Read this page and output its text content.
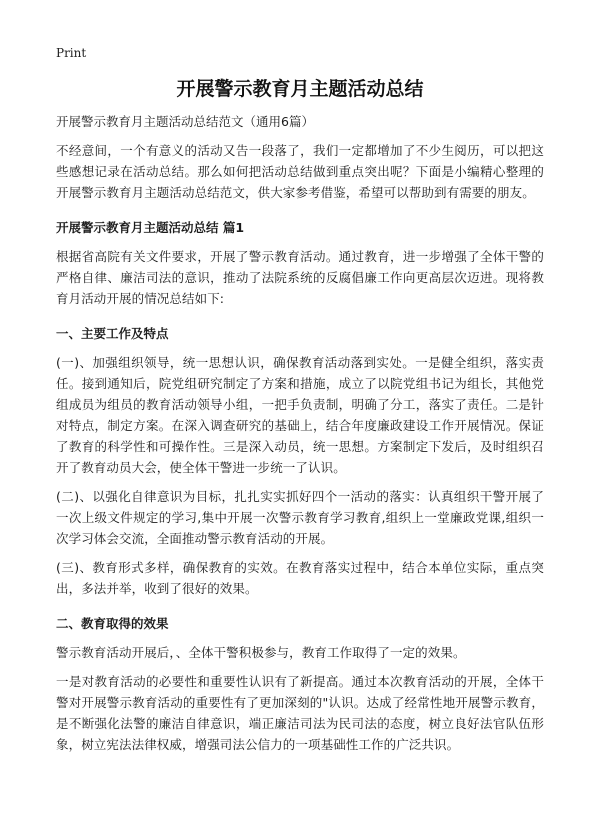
Print
开展警示教育月主题活动总结
开展警示教育月主题活动总结范文（通用6篇）

不经意间，一个有意义的活动又告一段落了，我们一定都增加了不少生阅历，可以把这些感想记录在活动总结。那么如何把活动总结做到重点突出呢？下面是小编精心整理的开展警示教育月主题活动总结范文，供大家参考借鉴，希望可以帮助到有需要的朋友。

开展警示教育月主题活动总结 篇1

根据省高院有关文件要求，开展了警示教育活动。通过教育，进一步增强了全体干警的严格自律、廉洁司法的意识，推动了法院系统的反腐倡廉工作向更高层次迈进。现将教育月活动开展的情况总结如下:

一、主要工作及特点

(一)、加强组织领导，统一思想认识，确保教育活动落到实处。一是健全组织，落实责任。接到通知后，院党组研究制定了方案和措施，成立了以院党组书记为组长，其他党组成员为组员的教育活动领导小组，一把手负责制，明确了分工，落实了责任。二是针对特点，制定方案。在深入调查研究的基础上，结合年度廉政建设工作开展情况。保证了教育的科学性和可操作性。三是深入动员，统一思想。方案制定下发后，及时组织召开了教育动员大会，使全体干警进一步统一了认识。

(二)、以强化自律意识为目标，扎扎实实抓好四个一活动的落实：认真组织干警开展了一次上级文件规定的学习,集中开展一次警示教育学习教育,组织上一堂廉政党课,组织一次学习体会交流，全面推动警示教育活动的开展。

(三)、教育形式多样，确保教育的实效。在教育落实过程中，结合本单位实际，重点突出，多法并举，收到了很好的效果。

二、教育取得的效果

警示教育活动开展后，、全体干警积极参与，教育工作取得了一定的效果。

一是对教育活动的必要性和重要性认识有了新提高。通过本次教育活动的开展，全体干警对开展警示教育活动的重要性有了更加深刻的"认识。达成了经常性地开展警示教育，是不断强化法警的廉洁自律意识，端正廉洁司法为民司法的态度，树立良好法官队伍形象，树立宪法法律权威，增强司法公信力的一项基础性工作的广泛共识。
